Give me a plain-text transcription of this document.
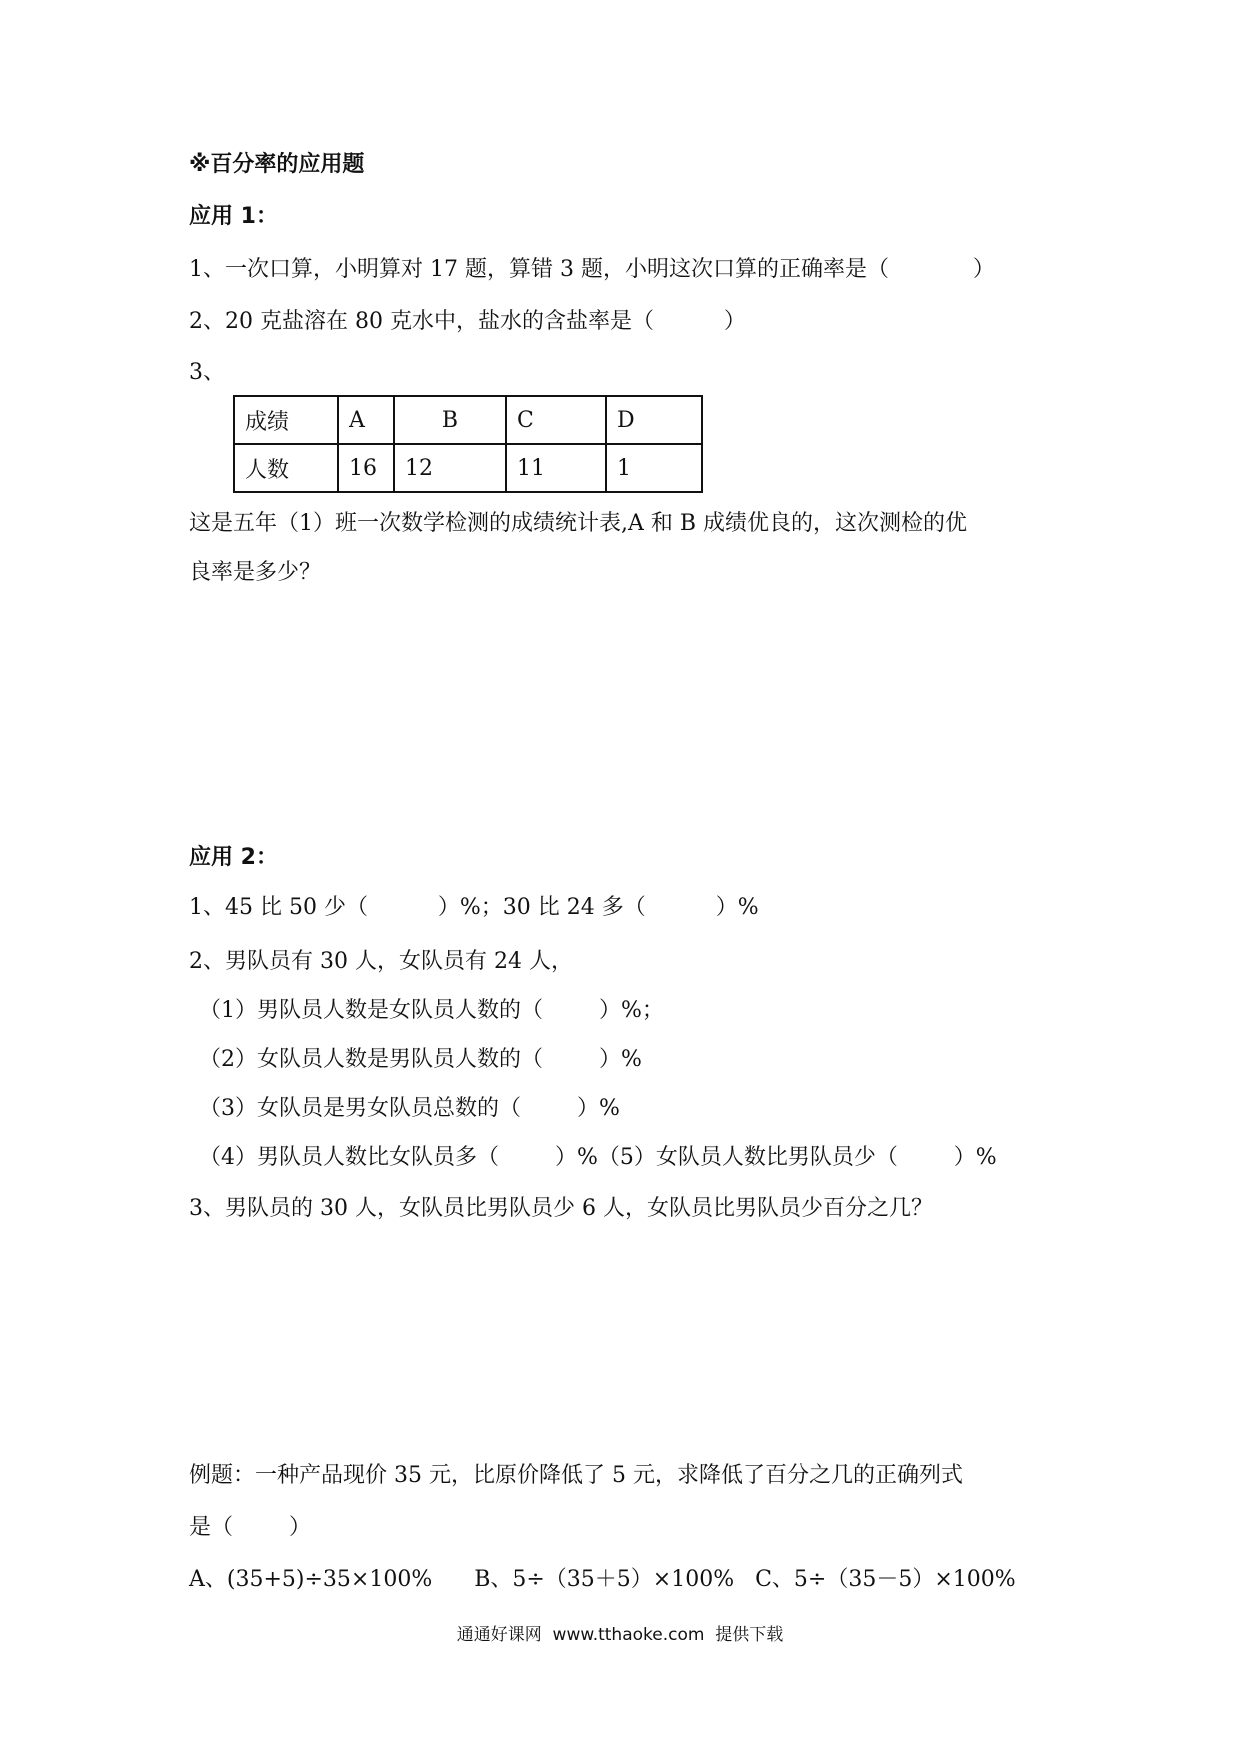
※百分率的应用题
应用 1：
1、一次口算，小明算对 17 题，算错 3 题，小明这次口算的正确率是（            ）
2、20 克盐溶在 80 克水中，盐水的含盐率是（          ）
3、
成绩	A	B	C	D
人数	16	12	11	1
这是五年（1）班一次数学检测的成绩统计表,A 和 B 成绩优良的，这次测检的优
良率是多少？
应用 2：
1、45 比 50 少（          ）%；30 比 24 多（          ）%
2、男队员有 30 人，女队员有 24 人，
（1）男队员人数是女队员人数的（        ）%；
（2）女队员人数是男队员人数的（        ）%
（3）女队员是男女队员总数的（        ）%
（4）男队员人数比女队员多（        ）%（5）女队员人数比男队员少（        ）%
3、男队员的 30 人，女队员比男队员少 6 人，女队员比男队员少百分之几？
例题：一种产品现价 35 元，比原价降低了 5 元，求降低了百分之几的正确列式
是（        ）
A、(35+5)÷35×100%      B、5÷（35＋5）×100%   C、5÷（35－5）×100%
通通好课网  www.tthaoke.com  提供下载
